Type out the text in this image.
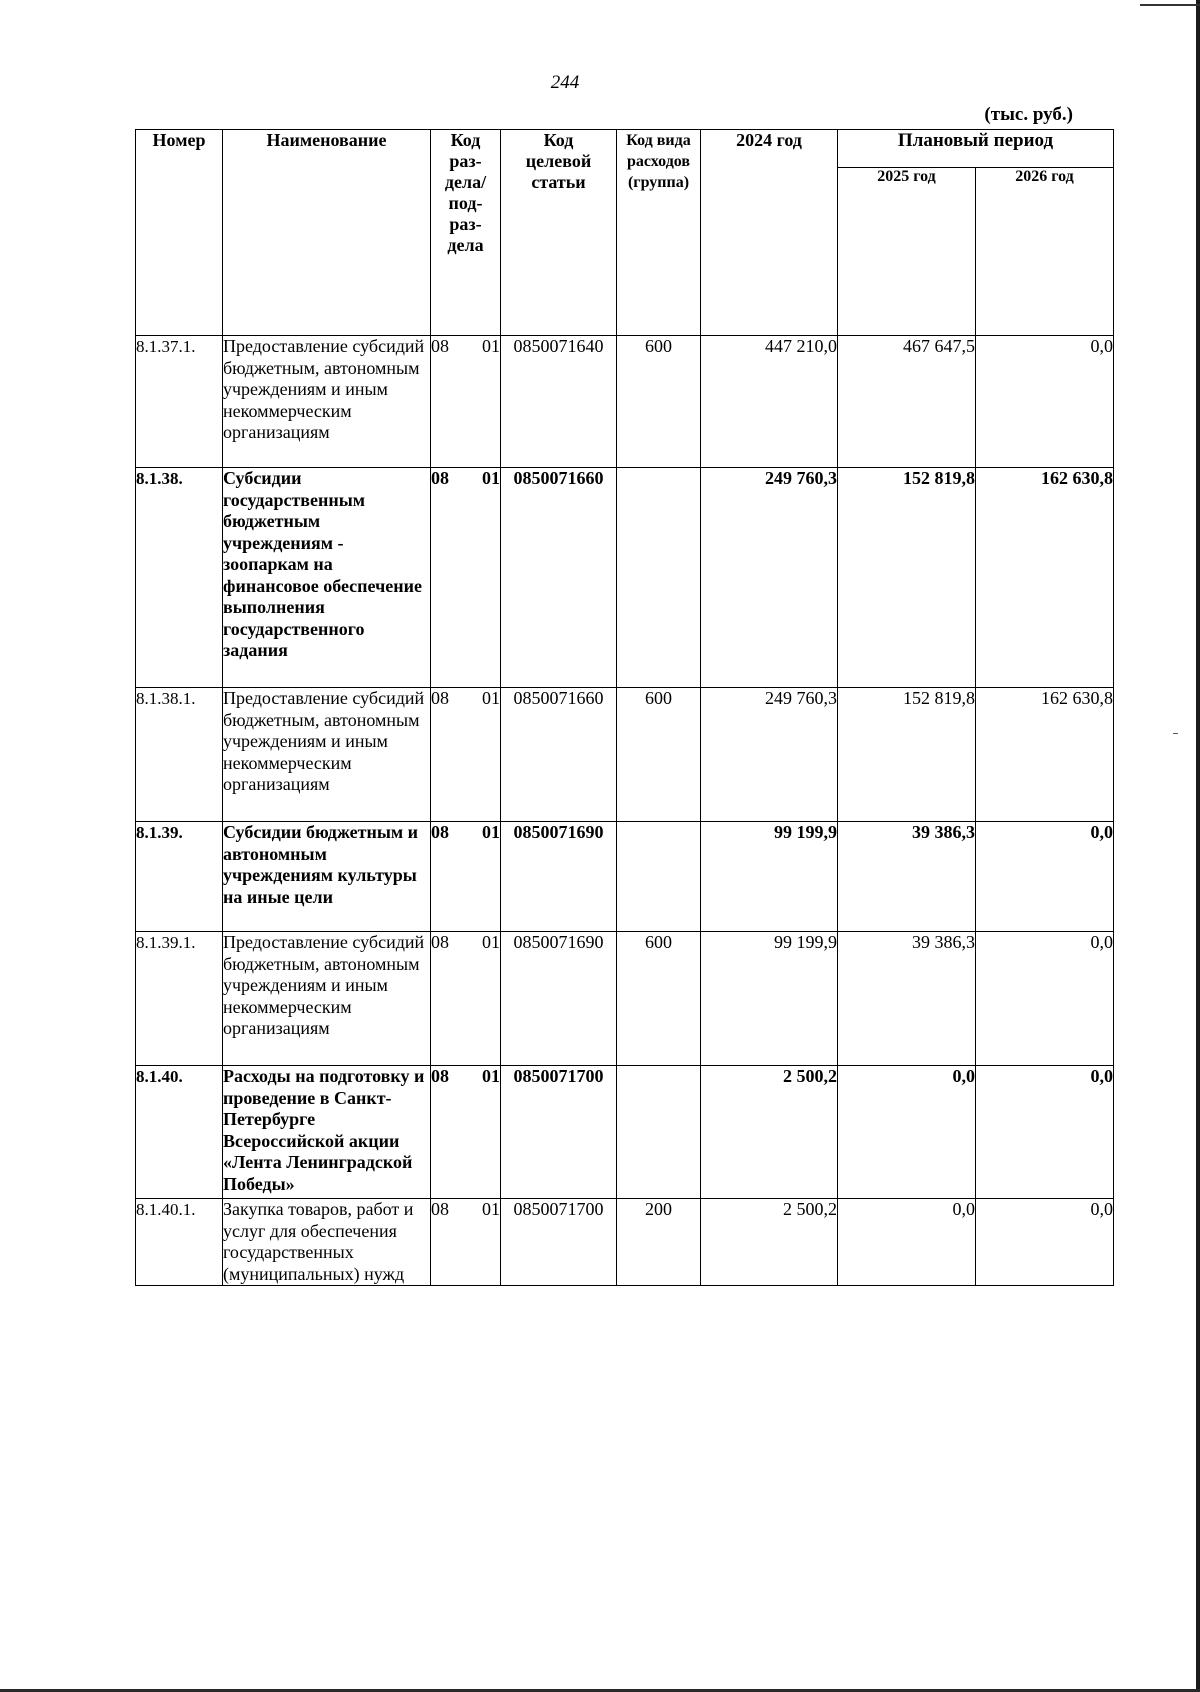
244
(тыс. руб.)
Номер	Наименование	Код раз- дела/ под- раз- дела	Код целевой статьи	Код вида расходов (группа)	2024 год	Плановый период	
						2025 год	2026 год
8.1.37.1.	Предоставление субсидий бюджетным, автономным учреждениям и иным некоммерческим организациям	08 01	0850071640	600	447 210,0	467 647,5	0,0
8.1.38.	Субсидии государственным бюджетным учреждениям - зоопаркам на финансовое обеспечение выполнения государственного задания	08 01	0850071660		249 760,3	152 819,8	162 630,8
8.1.38.1.	Предоставление субсидий бюджетным, автономным учреждениям и иным некоммерческим организациям	08 01	0850071660	600	249 760,3	152 819,8	162 630,8
8.1.39.	Субсидии бюджетным и автономным учреждениям культуры на иные цели	08 01	0850071690		99 199,9	39 386,3	0,0
8.1.39.1.	Предоставление субсидий бюджетным, автономным учреждениям и иным некоммерческим организациям	08 01	0850071690	600	99 199,9	39 386,3	0,0
8.1.40.	Расходы на подготовку и проведение в Санкт-Петербурге Всероссийской акции «Лента Ленинградской Победы»	08 01	0850071700		2 500,2	0,0	0,0
8.1.40.1.	Закупка товаров, работ и услуг для обеспечения государственных (муниципальных) нужд	08 01	0850071700	200	2 500,2	0,0	0,0
